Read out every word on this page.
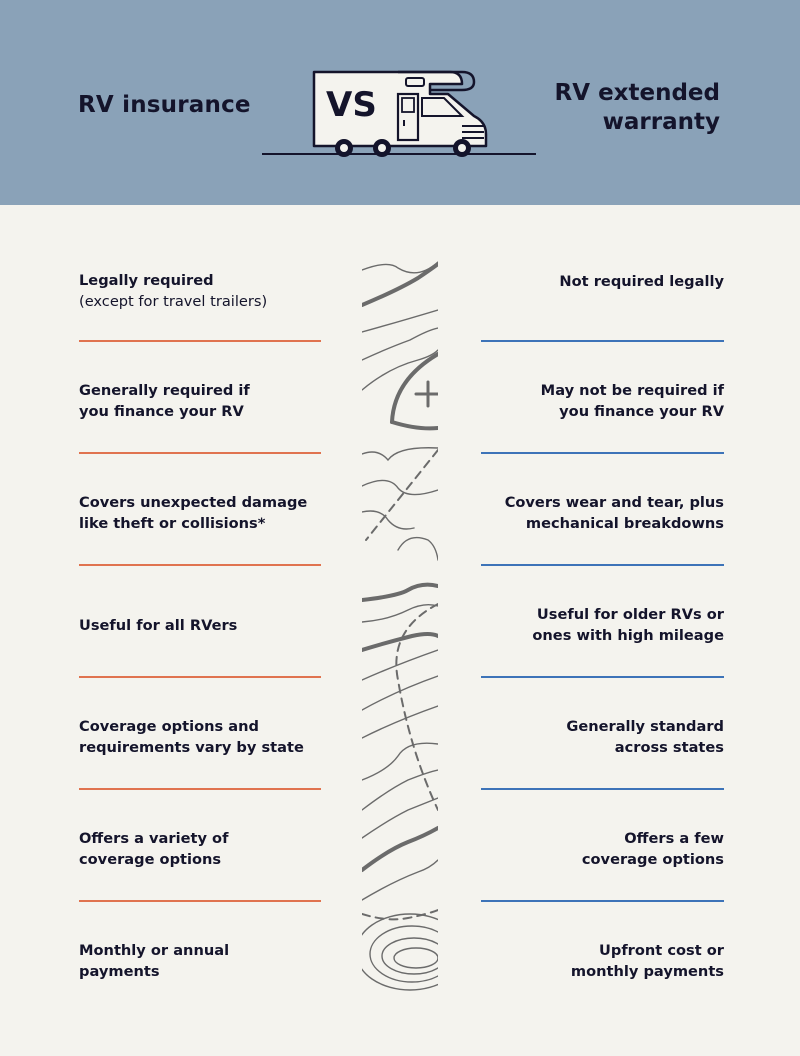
RV insurance VS	RV extended
warranty
Legally required
(except for travel trailers)
Generally required if
you finance your RV
Covers unexpected damage
like theft or collisions*
Useful for all RVers
Coverage options and
requirements vary by state
Offers a variety of
coverage options
Monthly or annual
payments
Not required legally
May not be required if
you finance your RV
Covers wear and tear, plus
mechanical breakdowns
Useful for older RVs or
ones with high mileage
Generally standard
across states
Offers a few
coverage options
Upfront cost or
monthly payments
